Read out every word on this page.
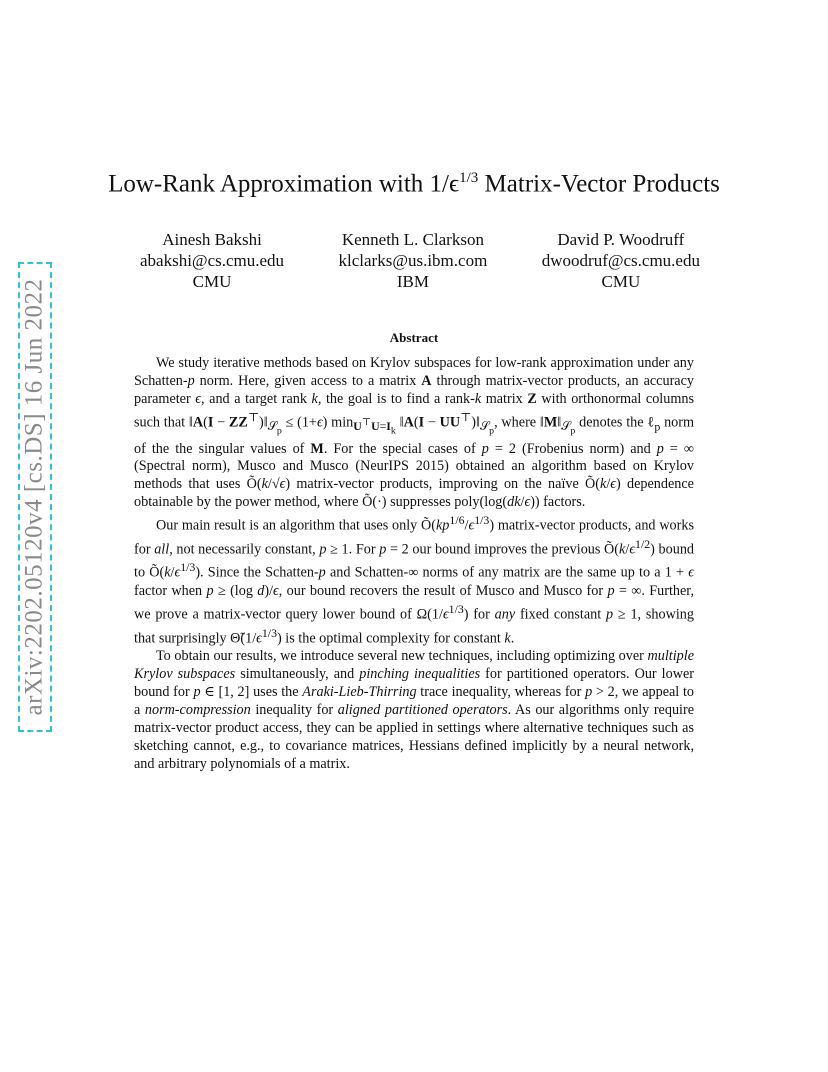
arXiv:2202.05120v4 [cs.DS] 16 Jun 2022
Low-Rank Approximation with $1/\epsilon^{1/3}$ Matrix-Vector Products
Ainesh Bakshi
abakshi@cs.cmu.edu
CMU
Kenneth L. Clarkson
klclarks@us.ibm.com
IBM
David P. Woodruff
dwoodruf@cs.cmu.edu
CMU
Abstract

We study iterative methods based on Krylov subspaces for low-rank approximation under any Schatten-p norm. Here, given access to a matrix A through matrix-vector products, an accuracy parameter ϵ, and a target rank k, the goal is to find a rank-k matrix Z with orthonormal columns such that ‖A(I − $ZZ^⊤)‖_{𝒮_p} \le (1+\epsilon)$ $\min_{U^⊤U=I_k}$ ‖A(I − $UU^⊤)‖_{𝒮_p}$, where $‖M‖_{𝒮_p}$ denotes the ℓ$_p$ norm of the the singular values of M. For the special cases of p = 2 (Frobenius norm) and p = ∞ (Spectral norm), Musco and Musco (NeurIPS 2015) obtained an algorithm based on Krylov methods that uses Õ(k/√ϵ) matrix-vector products, improving on the naïve Õ(k/ϵ) dependence obtainable by the power method, where Õ(·) suppresses poly(log(dk/ϵ)) factors.

Our main result is an algorithm that uses only $Õ(kp^{1/6}/\epsilon^{1/3})$ matrix-vector products, and works for all, not necessarily constant, p ≥ 1. For p = 2 our bound improves the previous $Õ(k/\epsilon^{1/2})$ bound to $Õ(k/\epsilon^{1/3})$. Since the Schatten-p and Schatten-∞ norms of any matrix are the same up to a 1 + ϵ factor when p ≥ (log d)/ϵ, our bound recovers the result of Musco and Musco for p = ∞. Further, we prove a matrix-vector query lower bound of $\Omega(1/\epsilon^{1/3})$ for any fixed constant p ≥ 1, showing that surprisingly $\Thetã(1/\epsilon^{1/3})$ is the optimal complexity for constant k.

To obtain our results, we introduce several new techniques, including optimizing over multiple Krylov subspaces simultaneously, and pinching inequalities for partitioned operators. Our lower bound for p ∈ [1, 2] uses the Araki-Lieb-Thirring trace inequality, whereas for p > 2, we appeal to a norm-compression inequality for aligned partitioned operators. As our algorithms only require matrix-vector product access, they can be applied in settings where alternative techniques such as sketching cannot, e.g., to covariance matrices, Hessians defined implicitly by a neural network, and arbitrary polynomials of a matrix.
